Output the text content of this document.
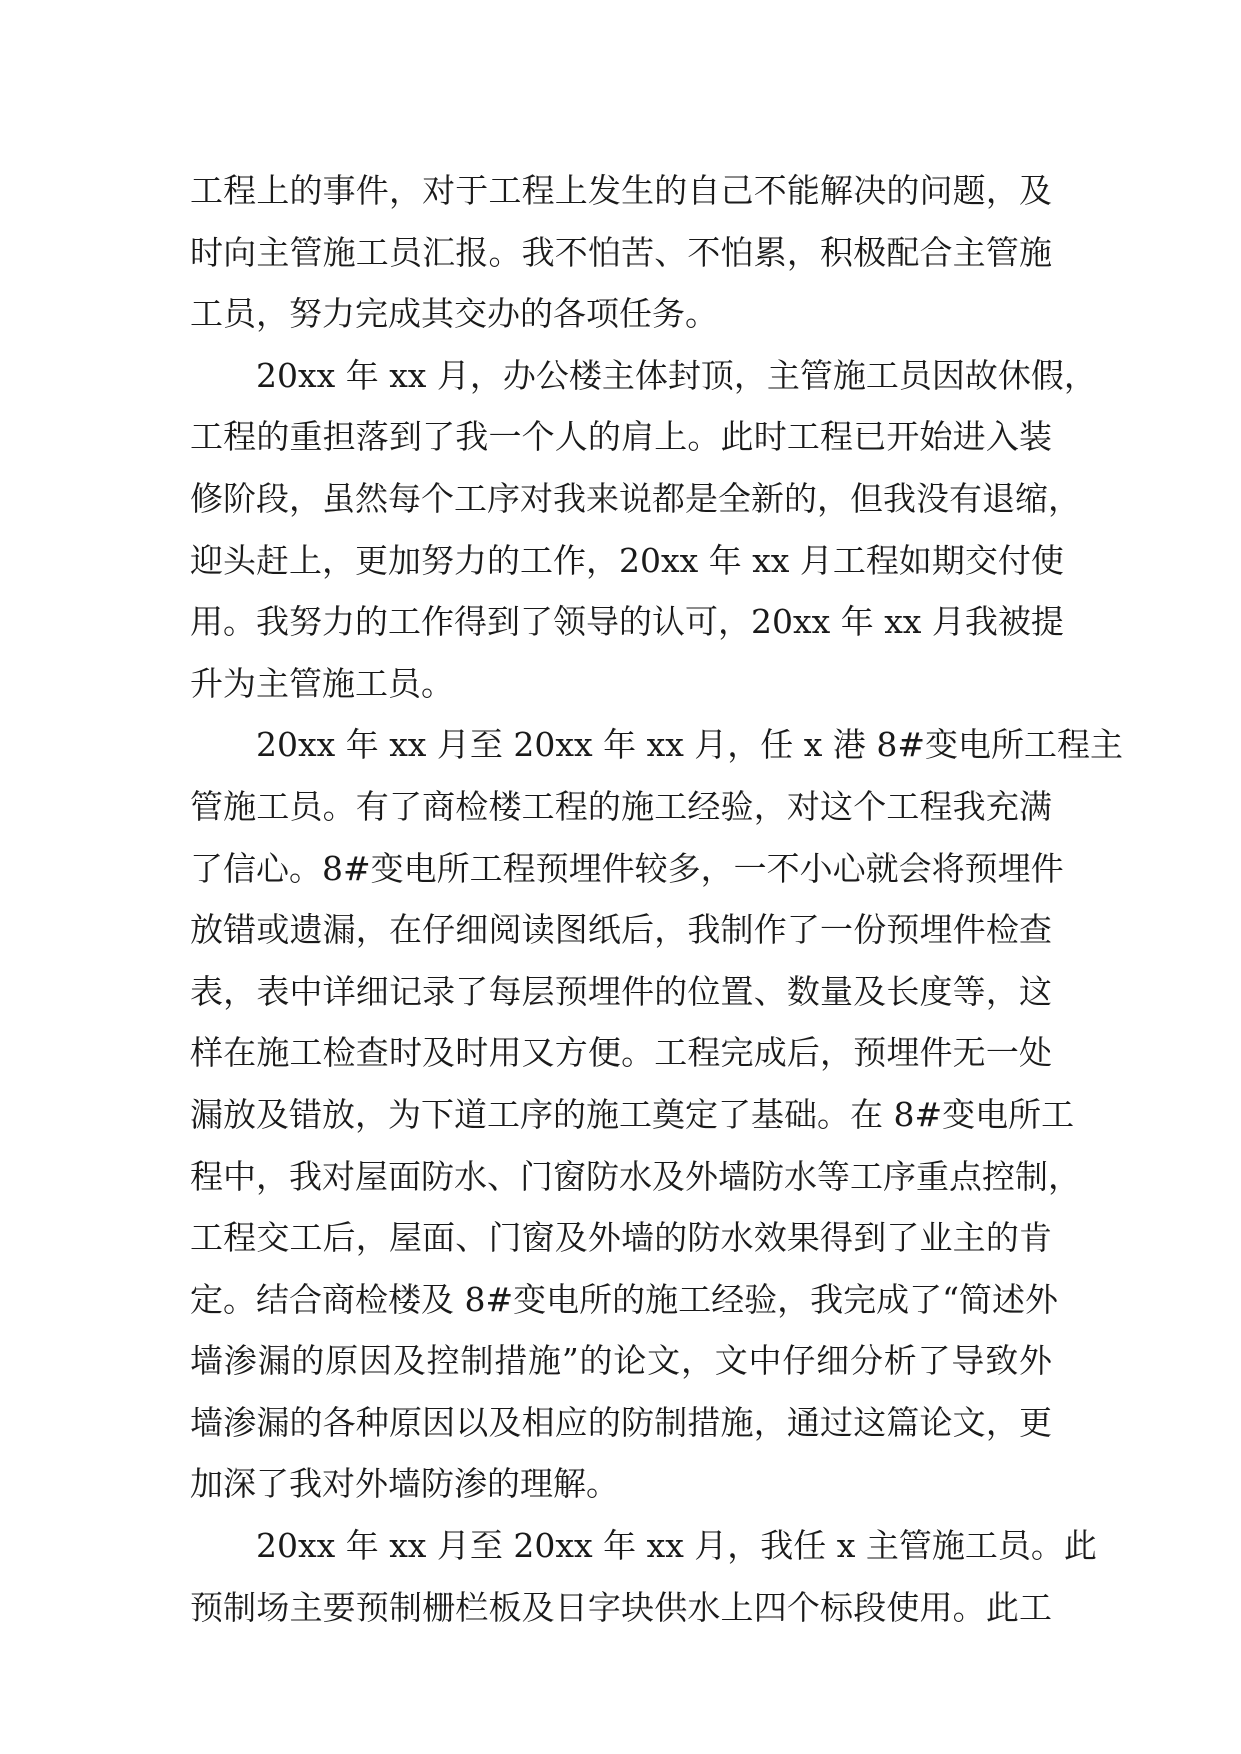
工程上的事件，对于工程上发生的自己不能解决的问题，及
时向主管施工员汇报。我不怕苦、不怕累，积极配合主管施
工员，努力完成其交办的各项任务。
20xx 年 xx 月，办公楼主体封顶，主管施工员因故休假，
工程的重担落到了我一个人的肩上。此时工程已开始进入装
修阶段，虽然每个工序对我来说都是全新的，但我没有退缩，
迎头赶上，更加努力的工作，20xx 年 xx 月工程如期交付使
用。我努力的工作得到了领导的认可，20xx 年 xx 月我被提
升为主管施工员。
20xx 年 xx 月至 20xx 年 xx 月，任 x 港 8#变电所工程主
管施工员。有了商检楼工程的施工经验，对这个工程我充满
了信心。8#变电所工程预埋件较多，一不小心就会将预埋件
放错或遗漏，在仔细阅读图纸后，我制作了一份预埋件检查
表，表中详细记录了每层预埋件的位置、数量及长度等，这
样在施工检查时及时用又方便。工程完成后，预埋件无一处
漏放及错放，为下道工序的施工奠定了基础。在 8#变电所工
程中，我对屋面防水、门窗防水及外墙防水等工序重点控制，
工程交工后，屋面、门窗及外墙的防水效果得到了业主的肯
定。结合商检楼及 8#变电所的施工经验，我完成了“简述外
墙渗漏的原因及控制措施”的论文，文中仔细分析了导致外
墙渗漏的各种原因以及相应的防制措施，通过这篇论文，更
加深了我对外墙防渗的理解。
20xx 年 xx 月至 20xx 年 xx 月，我任 x 主管施工员。此
预制场主要预制栅栏板及日字块供水上四个标段使用。此工
